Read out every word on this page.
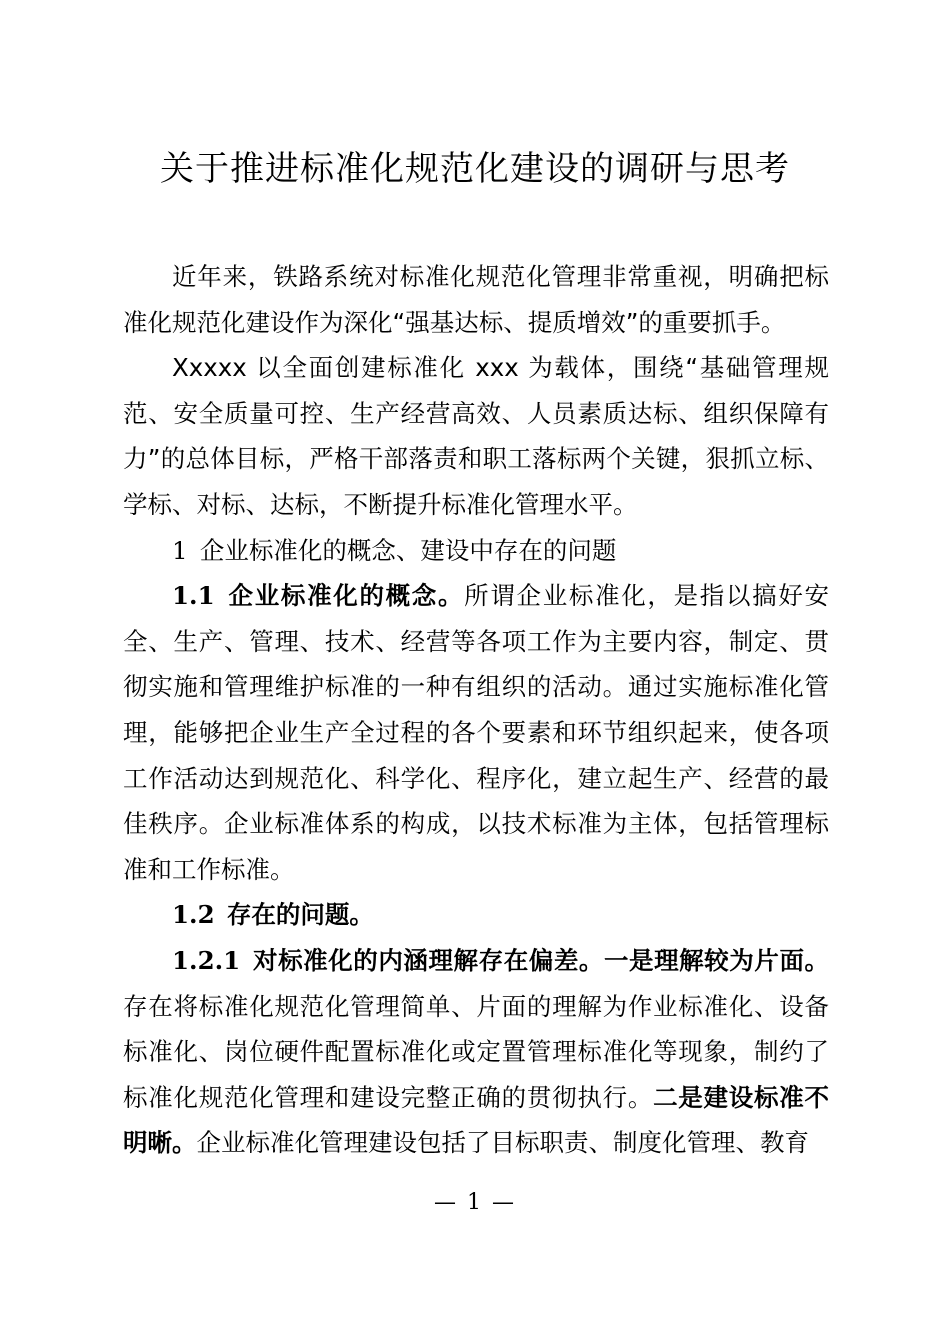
关于推进标准化规范化建设的调研与思考

近年来，铁路系统对标准化规范化管理非常重视，明确把标准化规范化建设作为深化“强基达标、提质增效”的重要抓手。

Xxxxx 以全面创建标准化 xxx 为载体，围绕“基础管理规范、安全质量可控、生产经营高效、人员素质达标、组织保障有力”的总体目标，严格干部落责和职工落标两个关键，狠抓立标、学标、对标、达标，不断提升标准化管理水平。

1 企业标准化的概念、建设中存在的问题

1.1 企业标准化的概念。所谓企业标准化，是指以搞好安全、生产、管理、技术、经营等各项工作为主要内容，制定、贯彻实施和管理维护标准的一种有组织的活动。通过实施标准化管理，能够把企业生产全过程的各个要素和环节组织起来，使各项工作活动达到规范化、科学化、程序化，建立起生产、经营的最佳秩序。企业标准体系的构成，以技术标准为主体，包括管理标准和工作标准。

1.2 存在的问题。

1.2.1 对标准化的内涵理解存在偏差。一是理解较为片面。存在将标准化规范化管理简单、片面的理解为作业标准化、设备标准化、岗位硬件配置标准化或定置管理标准化等现象，制约了标准化规范化管理和建设完整正确的贯彻执行。二是建设标准不明晰。企业标准化管理建设包括了目标职责、制度化管理、教育

— 1 —
